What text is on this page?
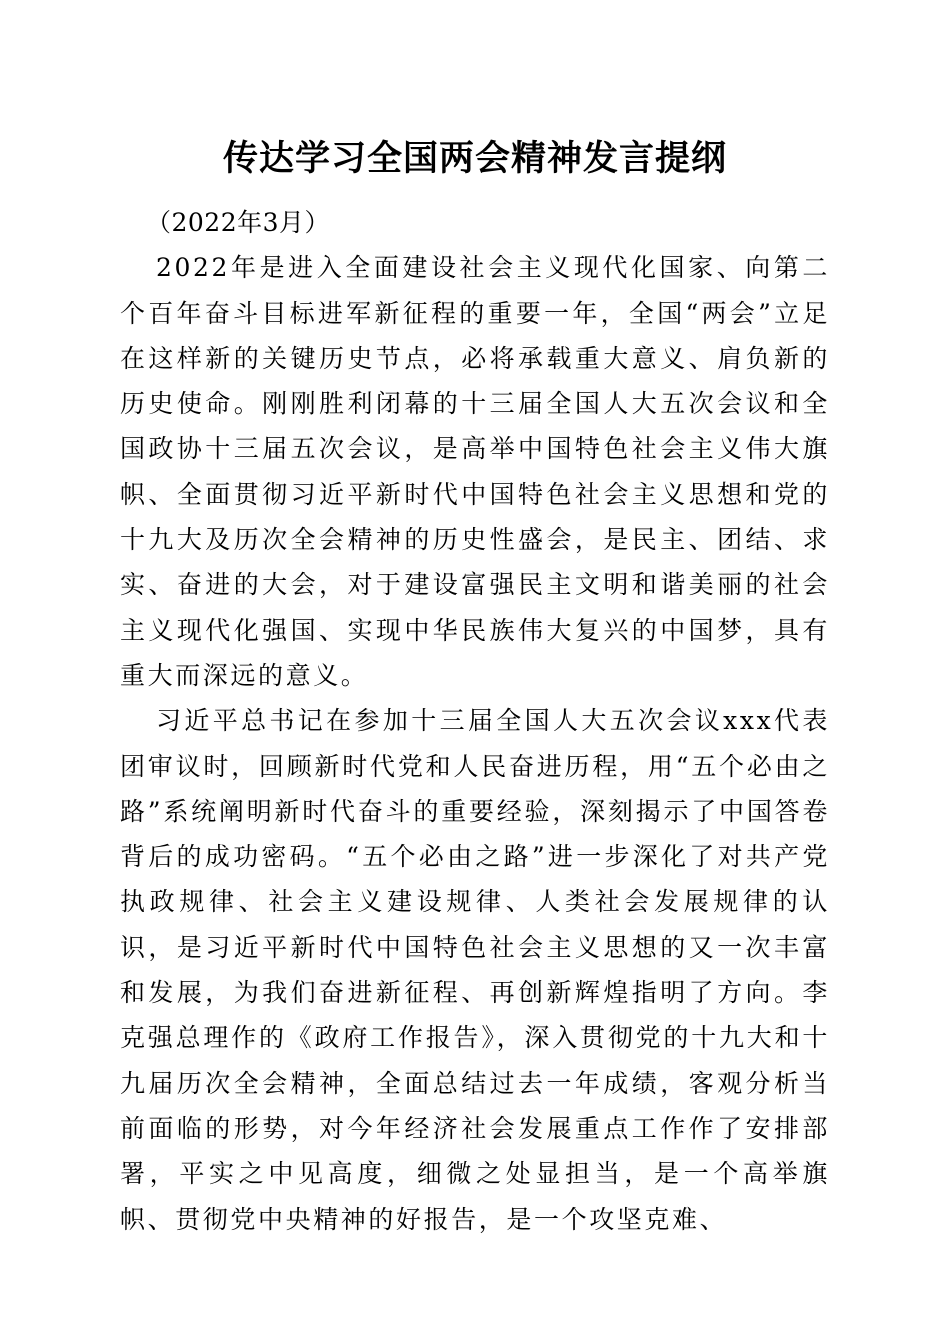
传达学习全国两会精神发言提纲

（2022年3月）

2022年是进入全面建设社会主义现代化国家、向第二个百年奋斗目标进军新征程的重要一年，全国“两会”立足在这样新的关键历史节点，必将承载重大意义、肩负新的历史使命。刚刚胜利闭幕的十三届全国人大五次会议和全国政协十三届五次会议，是高举中国特色社会主义伟大旗帜、全面贯彻习近平新时代中国特色社会主义思想和党的十九大及历次全会精神的历史性盛会，是民主、团结、求实、奋进的大会，对于建设富强民主文明和谐美丽的社会主义现代化强国、实现中华民族伟大复兴的中国梦，具有重大而深远的意义。

习近平总书记在参加十三届全国人大五次会议xxx代表团审议时，回顾新时代党和人民奋进历程，用“五个必由之路”系统阐明新时代奋斗的重要经验，深刻揭示了中国答卷背后的成功密码。“五个必由之路”进一步深化了对共产党执政规律、社会主义建设规律、人类社会发展规律的认识，是习近平新时代中国特色社会主义思想的又一次丰富和发展，为我们奋进新征程、再创新辉煌指明了方向。李克强总理作的《政府工作报告》，深入贯彻党的十九大和十九届历次全会精神，全面总结过去一年成绩，客观分析当前面临的形势，对今年经济社会发展重点工作作了安排部署，平实之中见高度，细微之处显担当，是一个高举旗帜、贯彻党中央精神的好报告，是一个攻坚克难、
